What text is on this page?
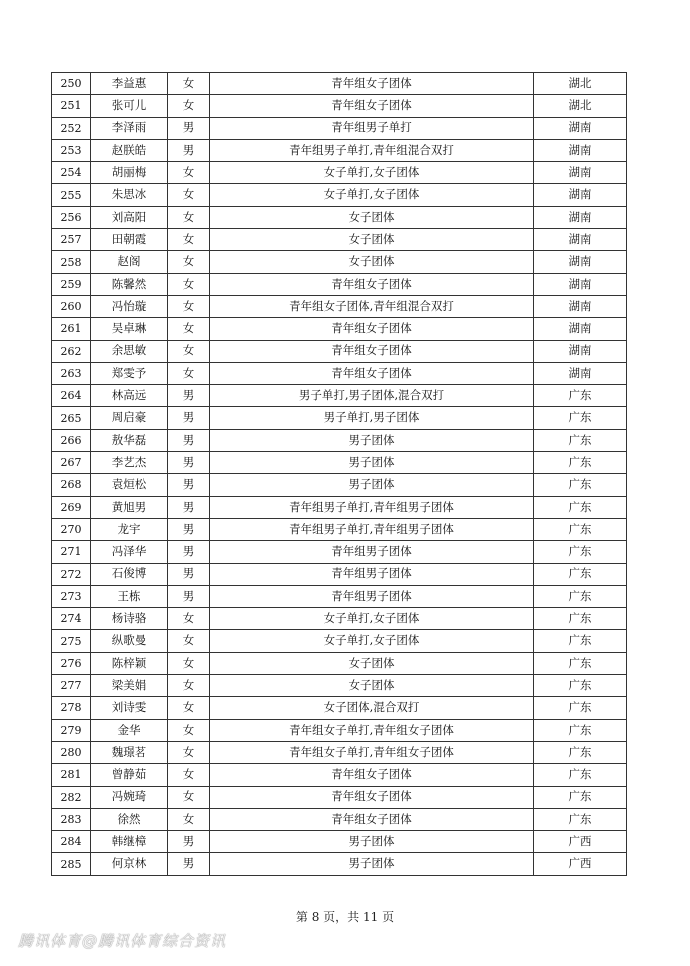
250	李益惠	女	青年组女子团体	湖北
251	张可儿	女	青年组女子团体	湖北
252	李泽雨	男	青年组男子单打	湖南
253	赵朕皓	男	青年组男子单打,青年组混合双打	湖南
254	胡丽梅	女	女子单打,女子团体	湖南
255	朱思冰	女	女子单打,女子团体	湖南
256	刘高阳	女	女子团体	湖南
257	田朝霞	女	女子团体	湖南
258	赵阁	女	女子团体	湖南
259	陈馨然	女	青年组女子团体	湖南
260	冯怡璇	女	青年组女子团体,青年组混合双打	湖南
261	吴卓琳	女	青年组女子团体	湖南
262	余思敏	女	青年组女子团体	湖南
263	郑雯予	女	青年组女子团体	湖南
264	林高远	男	男子单打,男子团体,混合双打	广东
265	周启豪	男	男子单打,男子团体	广东
266	敖华磊	男	男子团体	广东
267	李艺杰	男	男子团体	广东
268	袁烜松	男	男子团体	广东
269	黄旭男	男	青年组男子单打,青年组男子团体	广东
270	龙宇	男	青年组男子单打,青年组男子团体	广东
271	冯泽华	男	青年组男子团体	广东
272	石俊博	男	青年组男子团体	广东
273	王栋	男	青年组男子团体	广东
274	杨诗骆	女	女子单打,女子团体	广东
275	纵歌曼	女	女子单打,女子团体	广东
276	陈梓颖	女	女子团体	广东
277	梁美娟	女	女子团体	广东
278	刘诗雯	女	女子团体,混合双打	广东
279	金华	女	青年组女子单打,青年组女子团体	广东
280	魏璟茗	女	青年组女子单打,青年组女子团体	广东
281	曾静茹	女	青年组女子团体	广东
282	冯婉琦	女	青年组女子团体	广东
283	徐然	女	青年组女子团体	广东
284	韩继樟	男	男子团体	广西
285	何京林	男	男子团体	广西
第 8 页，共 11 页
腾讯体育@腾讯体育综合资讯
